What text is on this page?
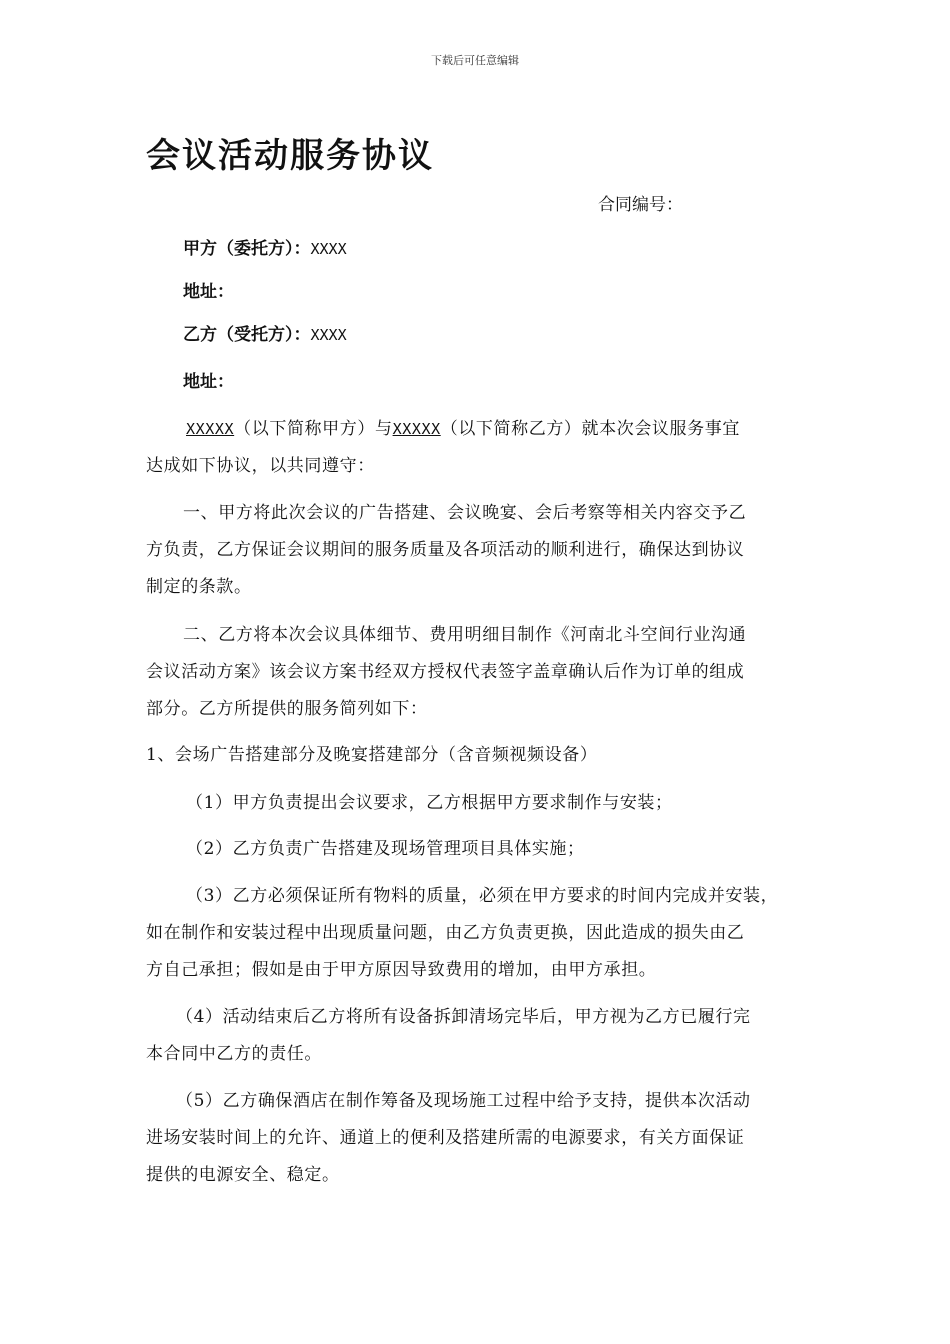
下载后可任意编辑
会议活动服务协议
合同编号：
甲方（委托方）：XXXX
地址：
乙方（受托方）：XXXX
地址：
XXXXX（以下简称甲方）与XXXXX（以下简称乙方）就本次会议服务事宜
达成如下协议，以共同遵守：
一、甲方将此次会议的广告搭建、会议晚宴、会后考察等相关内容交予乙
方负责，乙方保证会议期间的服务质量及各项活动的顺利进行，确保达到协议
制定的条款。
二、乙方将本次会议具体细节、费用明细目制作《河南北斗空间行业沟通
会议活动方案》该会议方案书经双方授权代表签字盖章确认后作为订单的组成
部分。乙方所提供的服务简列如下：
1、会场广告搭建部分及晚宴搭建部分（含音频视频设备）
（1）甲方负责提出会议要求，乙方根据甲方要求制作与安装；
（2）乙方负责广告搭建及现场管理项目具体实施；
（3）乙方必须保证所有物料的质量，必须在甲方要求的时间内完成并安装，
如在制作和安装过程中出现质量问题，由乙方负责更换，因此造成的损失由乙
方自己承担；假如是由于甲方原因导致费用的增加，由甲方承担。
（4）活动结束后乙方将所有设备拆卸清场完毕后，甲方视为乙方已履行完
本合同中乙方的责任。
（5）乙方确保酒店在制作筹备及现场施工过程中给予支持，提供本次活动
进场安装时间上的允许、通道上的便利及搭建所需的电源要求，有关方面保证
提供的电源安全、稳定。
